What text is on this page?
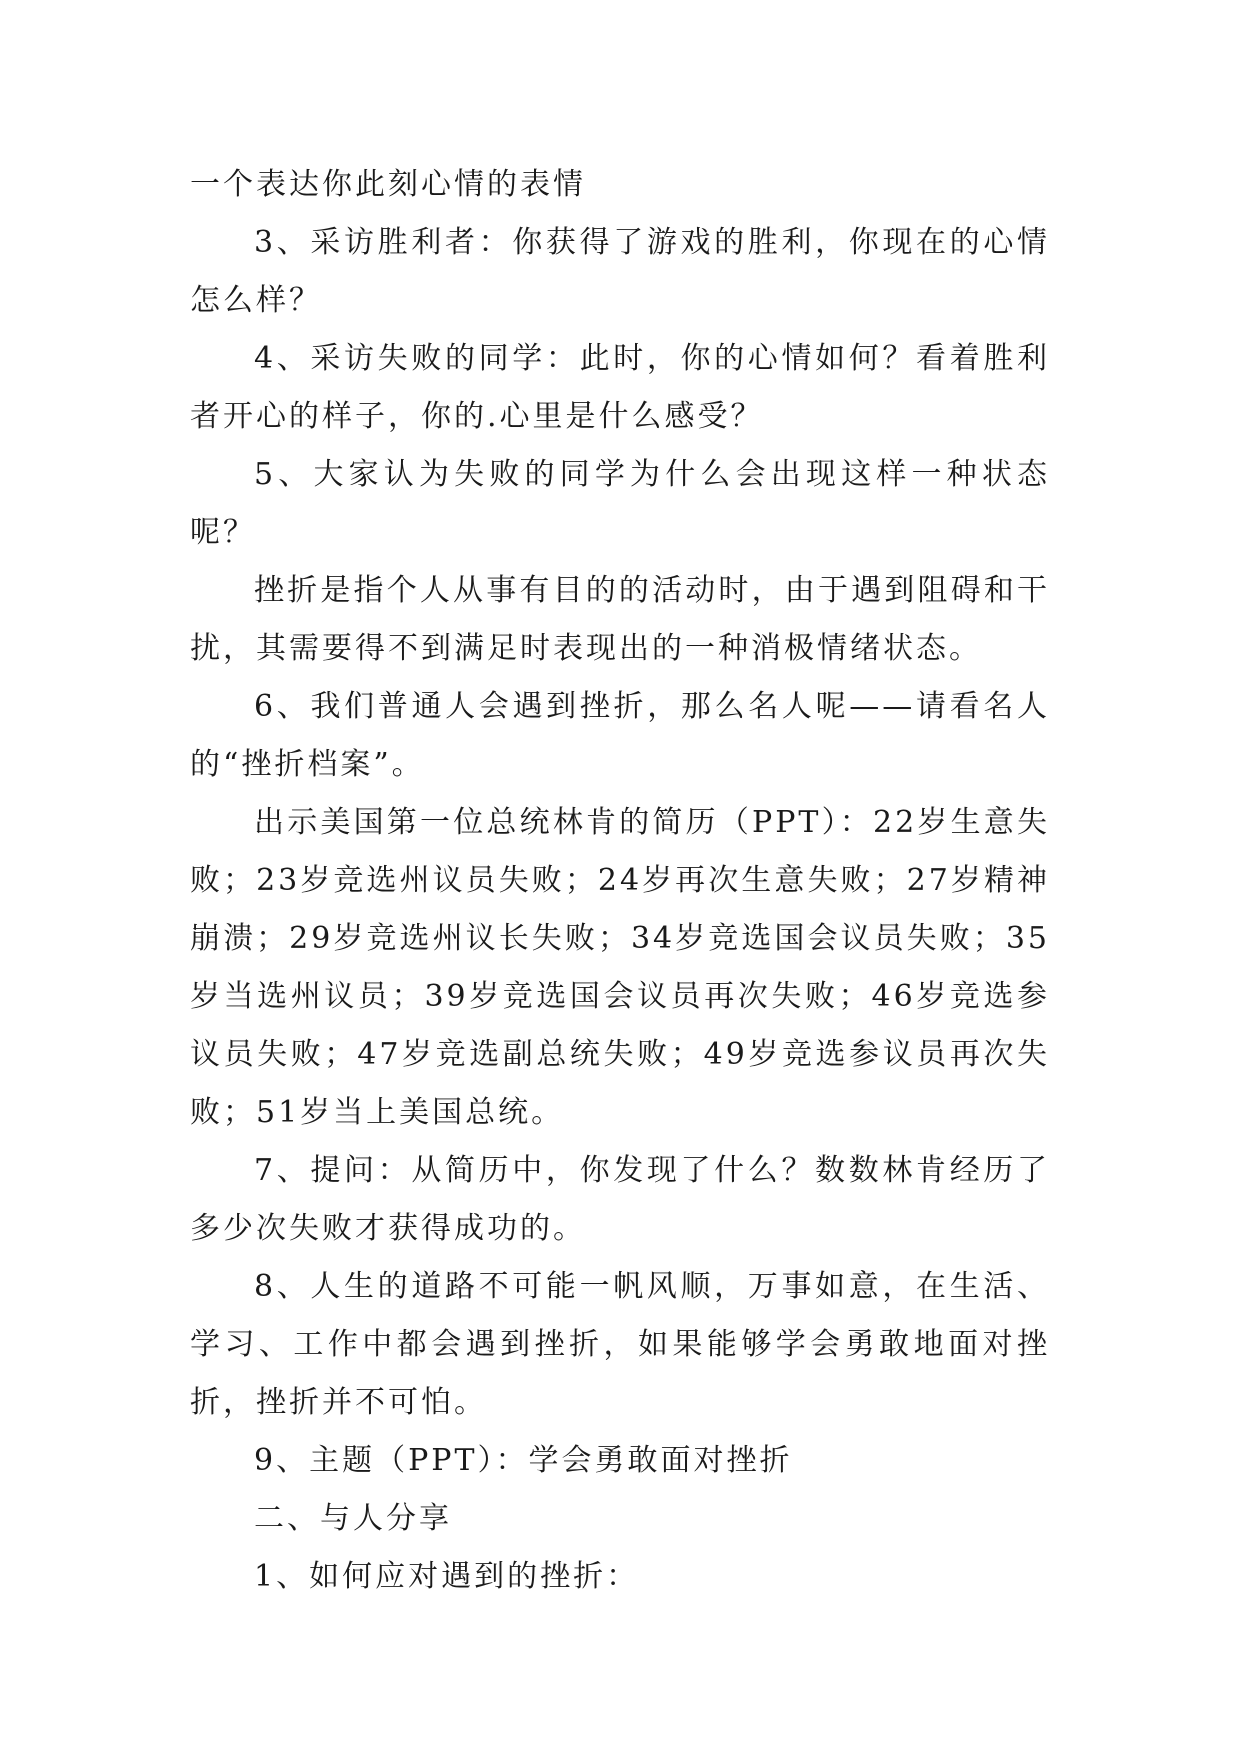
一个表达你此刻心情的表情

3、采访胜利者：你获得了游戏的胜利，你现在的心情怎么样？

4、采访失败的同学：此时，你的心情如何？看着胜利者开心的样子，你的.心里是什么感受？

5、大家认为失败的同学为什么会出现这样一种状态呢？

挫折是指个人从事有目的的活动时，由于遇到阻碍和干扰，其需要得不到满足时表现出的一种消极情绪状态。

6、我们普通人会遇到挫折，那么名人呢——请看名人的“挫折档案”。

出示美国第一位总统林肯的简历（PPT）：22岁生意失败；23岁竞选州议员失败；24岁再次生意失败；27岁精神崩溃；29岁竞选州议长失败；34岁竞选国会议员失败；35岁当选州议员；39岁竞选国会议员再次失败；46岁竞选参议员失败；47岁竞选副总统失败；49岁竞选参议员再次失败；51岁当上美国总统。

7、提问：从简历中，你发现了什么？数数林肯经历了多少次失败才获得成功的。

8、人生的道路不可能一帆风顺，万事如意，在生活、学习、工作中都会遇到挫折，如果能够学会勇敢地面对挫折，挫折并不可怕。

9、主题（PPT）：学会勇敢面对挫折

二、与人分享

1、如何应对遇到的挫折：
